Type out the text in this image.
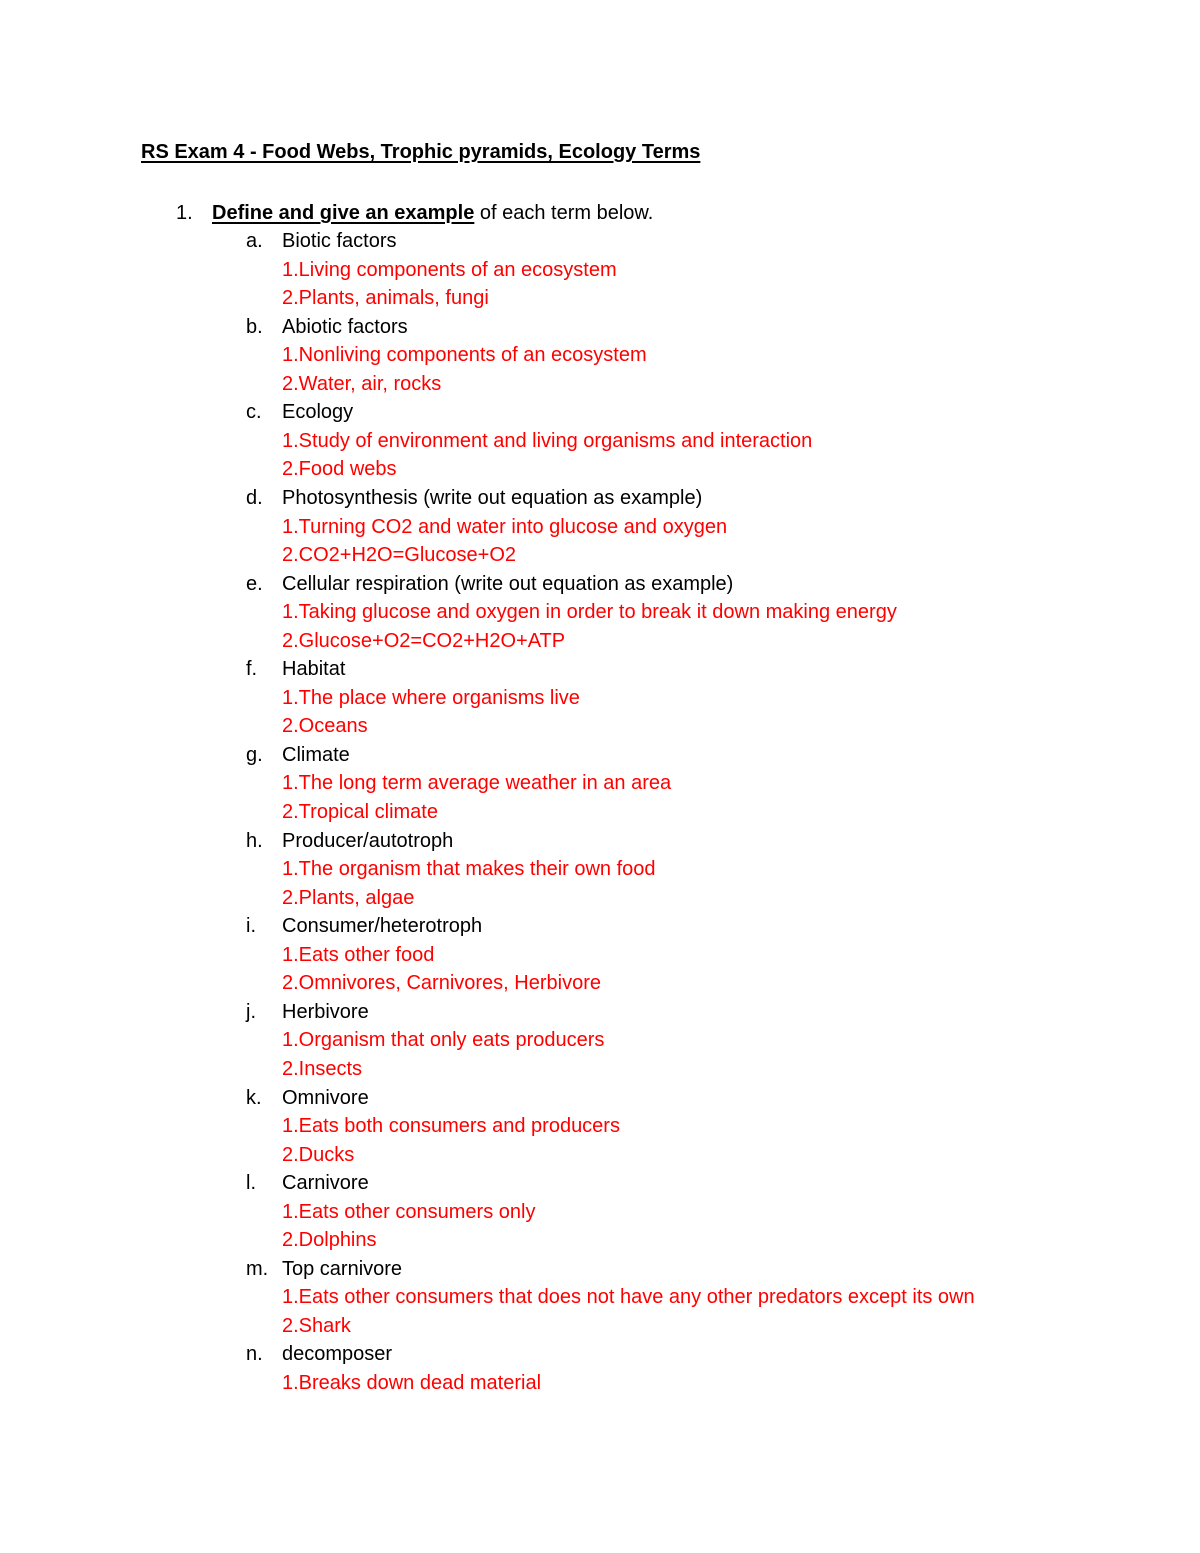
RS Exam 4 - Food Webs, Trophic pyramids, Ecology Terms
1. Define and give an example of each term below.
a. Biotic factors
1.Living components of an ecosystem
2.Plants, animals, fungi
b. Abiotic factors
1.Nonliving components of an ecosystem
2.Water, air, rocks
c. Ecology
1.Study of environment and living organisms and interaction
2.Food webs
d. Photosynthesis (write out equation as example)
1.Turning CO2 and water into glucose and oxygen
2.CO2+H2O=Glucose+O2
e. Cellular respiration (write out equation as example)
1.Taking glucose and oxygen in order to break it down making energy
2.Glucose+O2=CO2+H2O+ATP
f. Habitat
1.The place where organisms live
2.Oceans
g. Climate
1.The long term average weather in an area
2.Tropical climate
h. Producer/autotroph
1.The organism that makes their own food
2.Plants, algae
i. Consumer/heterotroph
1.Eats other food
2.Omnivores, Carnivores, Herbivore
j. Herbivore
1.Organism that only eats producers
2.Insects
k. Omnivore
1.Eats both consumers and producers
2.Ducks
l. Carnivore
1.Eats other consumers only
2.Dolphins
m. Top carnivore
1.Eats other consumers that does not have any other predators except its own
2.Shark
n. decomposer
1.Breaks down dead material
